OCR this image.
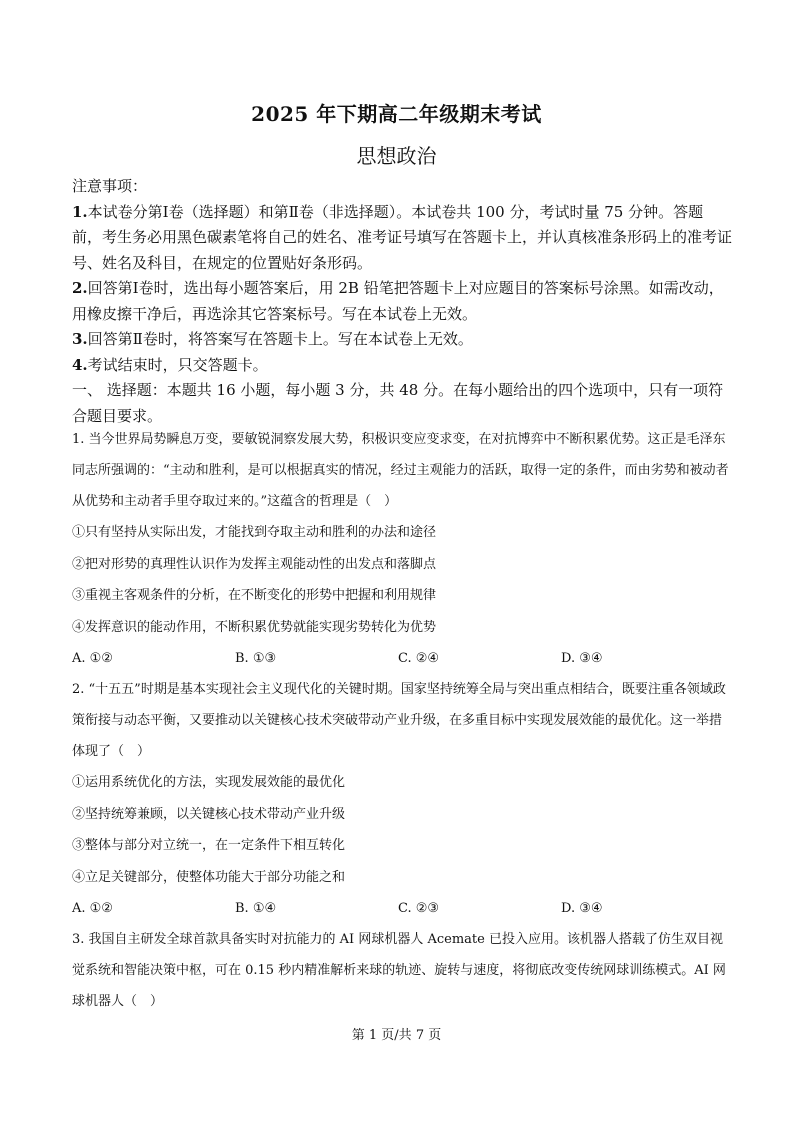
2025 年下期高二年级期末考试
思想政治

注意事项：

1.本试卷分第Ⅰ卷（选择题）和第Ⅱ卷（非选择题）。本试卷共 100 分，考试时量 75 分钟。答题前，考生务必用黑色碳素笔将自己的姓名、准考证号填写在答题卡上，并认真核准条形码上的准考证号、姓名及科目，在规定的位置贴好条形码。

2.回答第Ⅰ卷时，选出每小题答案后，用 2B 铅笔把答题卡上对应题目的答案标号涂黑。如需改动，用橡皮擦干净后，再选涂其它答案标号。写在本试卷上无效。

3.回答第Ⅱ卷时，将答案写在答题卡上。写在本试卷上无效。

4.考试结束时，只交答题卡。

一、 选择题：本题共 16 小题，每小题 3 分，共 48 分。在每小题给出的四个选项中，只有一项符合题目要求。

1. 当今世界局势瞬息万变，要敏锐洞察发展大势，积极识变应变求变，在对抗博弈中不断积累优势。这正是毛泽东同志所强调的：“主动和胜利，是可以根据真实的情况，经过主观能力的活跃，取得一定的条件，而由劣势和被动者从优势和主动者手里夺取过来的。”这蕴含的哲理是（　）

①只有坚持从实际出发，才能找到夺取主动和胜利的办法和途径

②把对形势的真理性认识作为发挥主观能动性的出发点和落脚点

③重视主客观条件的分析，在不断变化的形势中把握和利用规律

④发挥意识的能动作用，不断积累优势就能实现劣势转化为优势

A. ①②	B. ①③	C. ②④	D. ③④

2. “十五五”时期是基本实现社会主义现代化的关键时期。国家坚持统筹全局与突出重点相结合，既要注重各领域政策衔接与动态平衡，又要推动以关键核心技术突破带动产业升级，在多重目标中实现发展效能的最优化。这一举措体现了（　）

①运用系统优化的方法，实现发展效能的最优化

②坚持统筹兼顾，以关键核心技术带动产业升级

③整体与部分对立统一，在一定条件下相互转化

④立足关键部分，使整体功能大于部分功能之和

A. ①②	B. ①④	C. ②③	D. ③④

3. 我国自主研发全球首款具备实时对抗能力的 AI 网球机器人 Acemate 已投入应用。该机器人搭载了仿生双目视觉系统和智能决策中枢，可在 0.15 秒内精准解析来球的轨迹、旋转与速度，将彻底改变传统网球训练模式。AI 网球机器人（　）

第 1 页/共 7 页
